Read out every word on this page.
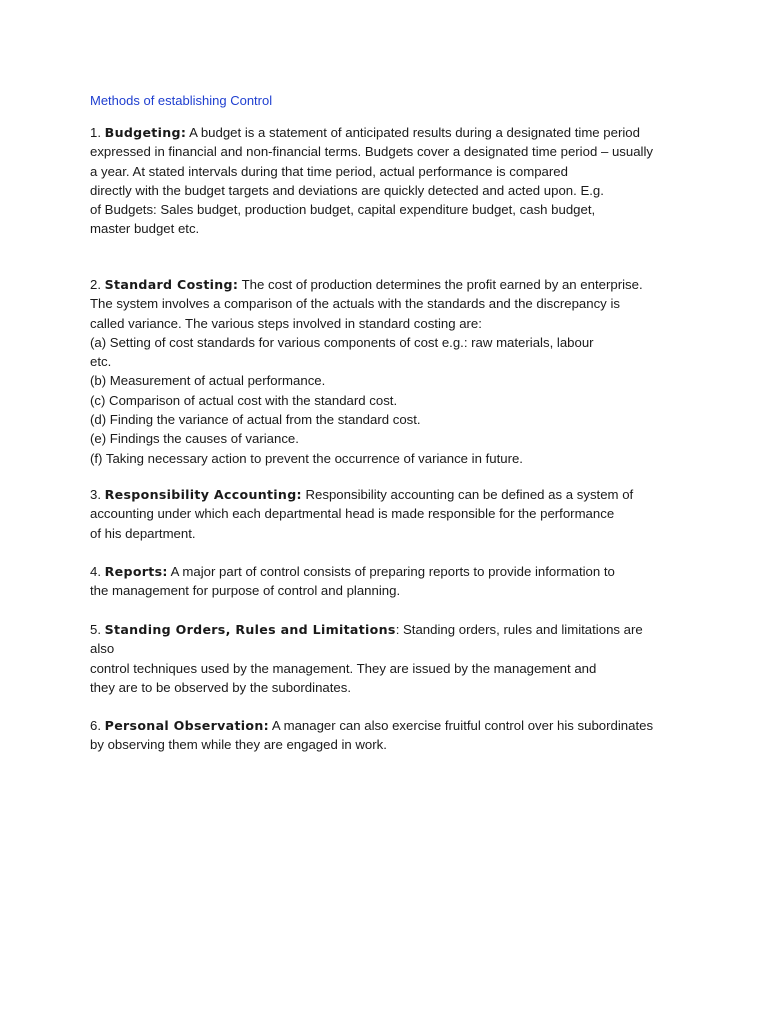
Methods of establishing Control
1. Budgeting: A budget is a statement of anticipated results during a designated time period
expressed in financial and non-financial terms. Budgets cover a designated time period – usually
a year. At stated intervals during that time period, actual performance is compared
directly with the budget targets and deviations are quickly detected and acted upon. E.g.
of Budgets: Sales budget, production budget, capital expenditure budget, cash budget,
master budget etc.
2. Standard Costing: The cost of production determines the profit earned by an enterprise.
The system involves a comparison of the actuals with the standards and the discrepancy is
called variance. The various steps involved in standard costing are:
(a) Setting of cost standards for various components of cost e.g.: raw materials, labour
etc.
(b) Measurement of actual performance.
(c) Comparison of actual cost with the standard cost.
(d) Finding the variance of actual from the standard cost.
(e) Findings the causes of variance.
(f) Taking necessary action to prevent the occurrence of variance in future.
3. Responsibility Accounting: Responsibility accounting can be defined as a system of
accounting under which each departmental head is made responsible for the performance
of his department.
4. Reports: A major part of control consists of preparing reports to provide information to
the management for purpose of control and planning.
5. Standing Orders, Rules and Limitations: Standing orders, rules and limitations are
also
control techniques used by the management. They are issued by the management and
they are to be observed by the subordinates.
6. Personal Observation: A manager can also exercise fruitful control over his subordinates
by observing them while they are engaged in work.
